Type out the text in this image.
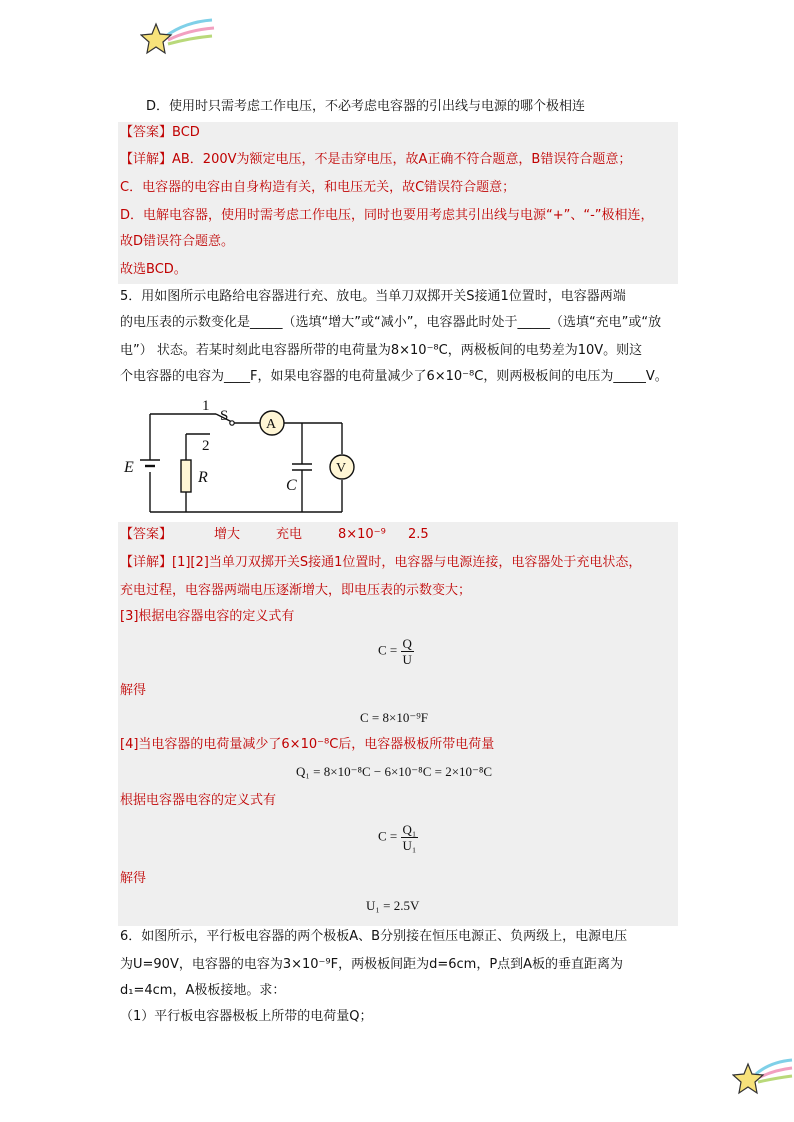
D．使用时只需考虑工作电压，不必考虑电容器的引出线与电源的哪个极相连
【答案】BCD
【详解】AB．200V为额定电压，不是击穿电压，故A正确不符合题意，B错误符合题意；
C．电容器的电容由自身构造有关，和电压无关，故C错误符合题意；
D．电解电容器，使用时需考虑工作电压，同时也要用考虑其引出线与电源“+”、“-”极相连，
故D错误符合题意。
故选BCD。
5．用如图所示电路给电容器进行充、放电。当单刀双掷开关S接通1位置时，电容器两端
的电压表的示数变化是_____（选填“增大”或“减小”，电容器此时处于_____（选填“充电”或“放
电”） 状态。若某时刻此电容器所带的电荷量为8×10⁻⁸C，两极板间的电势差为10V。则这
个电容器的电容为____F，如果电容器的电荷量减少了6×10⁻⁸C，则两极板间的电压为_____V。
1
S
2
E
R	C
A
V
【答案】	增大	充电	8×10⁻⁹ 2.5
【详解】[1][2]当单刀双掷开关S接通1位置时，电容器与电源连接，电容器处于充电状态，
充电过程，电容器两端电压逐渐增大，即电压表的示数变大；
[3]根据电容器电容的定义式有
$C = \frac{Q}{U}$
解得
C = 8×10⁻⁹F
[4]当电容器的电荷量减少了6×10⁻⁸C后，电容器极板所带电荷量
Q₁ = 8×10⁻⁸C − 6×10⁻⁸C = 2×10⁻⁸C
根据电容器电容的定义式有
$C = \frac{\text{Q₁}}{\text{U₁}}$
解得
U₁ = 2.5V
6．如图所示，平行板电容器的两个极板A、B分别接在恒压电源正、负两级上，电源电压
为U=90V，电容器的电容为3×10⁻⁹F，两极板间距为d=6cm，P点到A板的垂直距离为
d₁=4cm，A极板接地。求：
（1）平行板电容器极板上所带的电荷量Q；
